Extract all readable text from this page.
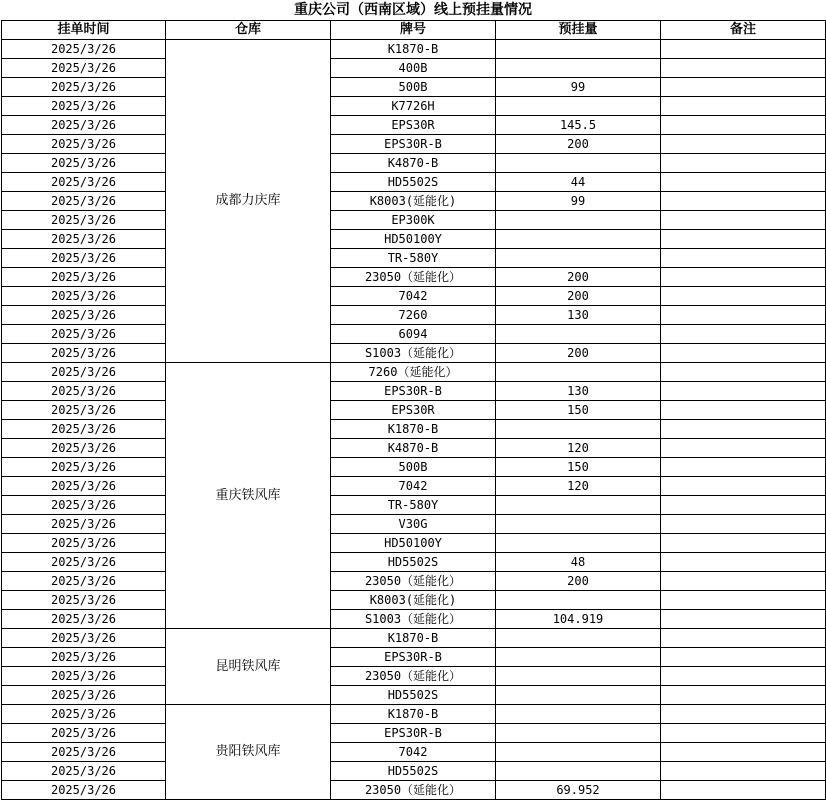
重庆公司（西南区域）线上预挂量情况
挂单时间	仓库	牌号	预挂量	备注
2025/3/26	成都力庆库	K1870-B		
2025/3/26		400B		
2025/3/26		500B	99	
2025/3/26		K7726H		
2025/3/26		EPS30R	145.5	
2025/3/26		EPS30R-B	200	
2025/3/26		K4870-B		
2025/3/26		HD5502S	44	
2025/3/26		K8003(延能化)	99	
2025/3/26		EP300K		
2025/3/26		HD50100Y		
2025/3/26		TR-580Y		
2025/3/26		23050（延能化）	200	
2025/3/26		7042	200	
2025/3/26		7260	130	
2025/3/26		6094		
2025/3/26		S1003（延能化）	200	
2025/3/26	重庆铁风库	7260（延能化）		
2025/3/26		EPS30R-B	130	
2025/3/26		EPS30R	150	
2025/3/26		K1870-B		
2025/3/26		K4870-B	120	
2025/3/26		500B	150	
2025/3/26		7042	120	
2025/3/26		TR-580Y		
2025/3/26		V30G		
2025/3/26		HD50100Y		
2025/3/26		HD5502S	48	
2025/3/26		23050（延能化）	200	
2025/3/26		K8003(延能化)		
2025/3/26		S1003（延能化）	104.919	
2025/3/26	昆明铁风库	K1870-B		
2025/3/26		EPS30R-B		
2025/3/26		23050（延能化）		
2025/3/26		HD5502S		
2025/3/26	贵阳铁风库	K1870-B		
2025/3/26		EPS30R-B		
2025/3/26		7042		
2025/3/26		HD5502S		
2025/3/26		23050（延能化）	69.952	
